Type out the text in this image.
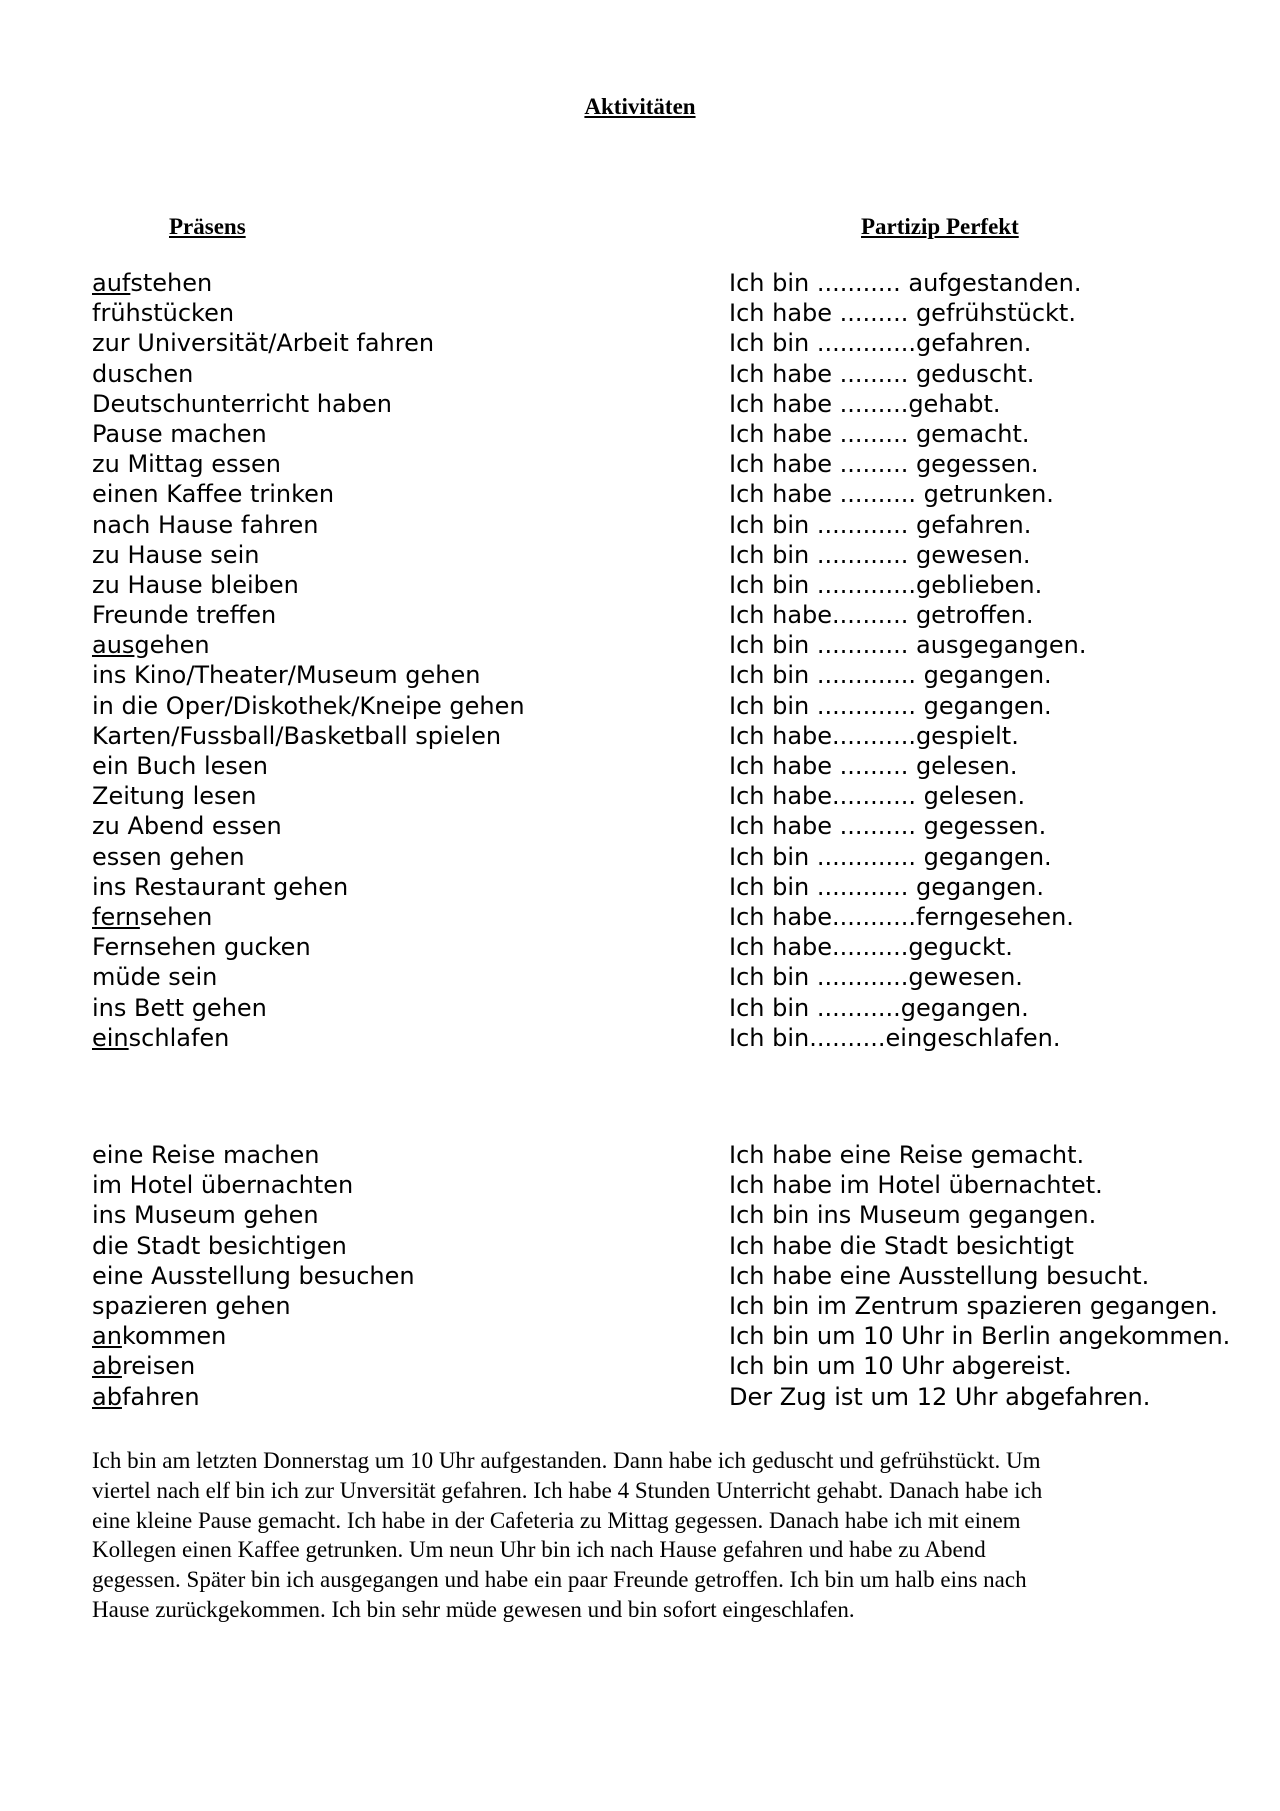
Aktivitäten
Präsens	Partizip Perfekt
aufstehen	Ich bin ........... aufgestanden.
frühstücken	Ich habe ......... gefrühstückt.
zur Universität/Arbeit fahren	Ich bin .............gefahren.
duschen	Ich habe ......... geduscht.
Deutschunterricht haben	Ich habe .........gehabt.
Pause machen	Ich habe ......... gemacht.
zu Mittag essen	Ich habe ......... gegessen.
einen Kaffee trinken	Ich habe .......... getrunken.
nach Hause fahren	Ich bin ............ gefahren.
zu Hause sein	Ich bin ............ gewesen.
zu Hause bleiben	Ich bin .............geblieben.
Freunde treffen	Ich habe.......... getroffen.
ausgehen	Ich bin ............ ausgegangen.
ins Kino/Theater/Museum gehen	Ich bin ............. gegangen.
in die Oper/Diskothek/Kneipe gehen	Ich bin ............. gegangen.
Karten/Fussball/Basketball spielen	Ich habe...........gespielt.
ein Buch lesen	Ich habe ......... gelesen.
Zeitung lesen	Ich habe........... gelesen.
zu Abend essen	Ich habe .......... gegessen.
essen gehen	Ich bin ............. gegangen.
ins Restaurant gehen	Ich bin ............ gegangen.
fernsehen	Ich habe...........ferngesehen.
Fernsehen gucken	Ich habe..........geguckt.
müde sein	Ich bin ............gewesen.
ins Bett gehen	Ich bin ...........gegangen.
einschlafen	Ich bin..........eingeschlafen.
eine Reise machen	Ich habe eine Reise gemacht.
im Hotel übernachten	Ich habe im Hotel übernachtet.
ins Museum gehen	Ich bin ins Museum gegangen.
die Stadt besichtigen	Ich habe die Stadt besichtigt
eine Ausstellung besuchen	Ich habe eine Ausstellung besucht.
spazieren gehen	Ich bin im Zentrum spazieren gegangen.
ankommen	Ich bin um 10 Uhr in Berlin angekommen.
abreisen	Ich bin um 10 Uhr abgereist.
abfahren	Der Zug ist um 12 Uhr abgefahren.
Ich bin am letzten Donnerstag um 10 Uhr aufgestanden. Dann habe ich geduscht und gefrühstückt. Um
viertel nach elf bin ich zur Unversität gefahren. Ich habe 4 Stunden Unterricht gehabt. Danach habe ich
eine kleine Pause gemacht. Ich habe in der Cafeteria zu Mittag gegessen. Danach habe ich mit einem
Kollegen einen Kaffee getrunken. Um neun Uhr bin ich nach Hause gefahren und habe zu Abend
gegessen. Später bin ich ausgegangen und habe ein paar Freunde getroffen. Ich bin um halb eins nach
Hause zurückgekommen. Ich bin sehr müde gewesen und bin sofort eingeschlafen.
